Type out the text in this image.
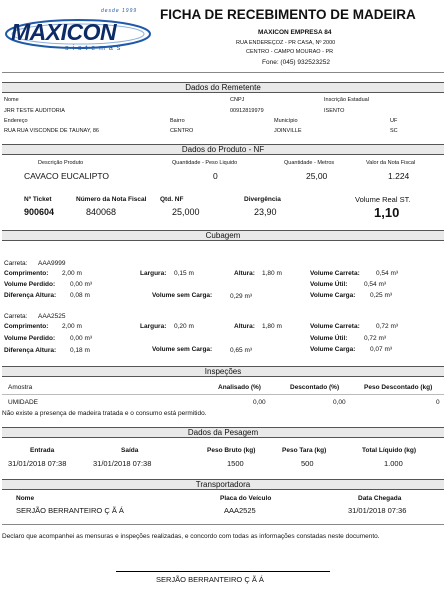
desde 1999
MAXICON
s i s t e m a s
FICHA DE RECEBIMENTO DE MADEIRA
MAXICON EMPRESA 84
RUA ENDEREÇOZ - PR CASA, Nº 2000
CENTRO - CAMPO MOURAO - PR
Fone: (045) 932523252
Dados do Remetente
Nome	CNPJ	Inscrição Estadual
JRR TESTE AUDITORIA	00912819979	ISENTO
Endereço	Bairro	Município	UF
RUA RUA VISCONDE DE TAUNAY, 86	CENTRO	JOINVILLE	SC
Dados do Produto - NF
Descrição Produto	Quantidade - Peso Liquido	Quantidade - Metros	Valor da Nota Fiscal
CAVACO EUCALIPTO	0	25,00	1.224
Nº Ticket	Número da Nota Fiscal Qtd. NF	Divergência	Volume Real ST.
900604	840068	25,000	23,90	1,10
Cubagem
Carreta: AAA9999
Comprimento: 2,00 m	Largura: 0,15 m	Altura: 1,80 m	Volume Carreta:	0,54 m³
Volume Perdido: 0,00 m³	Volume Útil:	0,54 m³
Diferença Altura: 0,08 m	Volume sem Carga:	0,29 m³	Volume Carga: 0,25 m³
Carreta: AAA2525
Comprimento: 2,00 m	Largura: 0,20 m	Altura: 1,80 m	Volume Carreta:	0,72 m³
Volume Perdido: 0,00 m³	Volume Útil:	0,72 m³
Diferença Altura: 0,18 m	Volume sem Carga:	0,65 m³	Volume Carga: 0,07 m³
Inspeções
Amostra	Analisado (%)	Descontado (%)	Peso Descontado (kg)
UMIDADE	0,00	0,00	0
Não existe a presença de madeira tratada e o consumo está permitido.
Dados da Pesagem
Entrada	Saída	Peso Bruto (kg)	Peso Tara (kg)	Total Líquido (kg)
31/01/2018 07:38	31/01/2018 07:38	1500	500	1.000
Transportadora
Nome	Placa do Veículo	Data Chegada
SERJÃO BERRANTEIRO Ç Ã Á	AAA2525	31/01/2018 07:36
Declaro que acompanhei as mensuras e inspeções realizadas, e concordo com todas as informações constadas neste documento.
SERJÃO BERRANTEIRO Ç Ã Á
